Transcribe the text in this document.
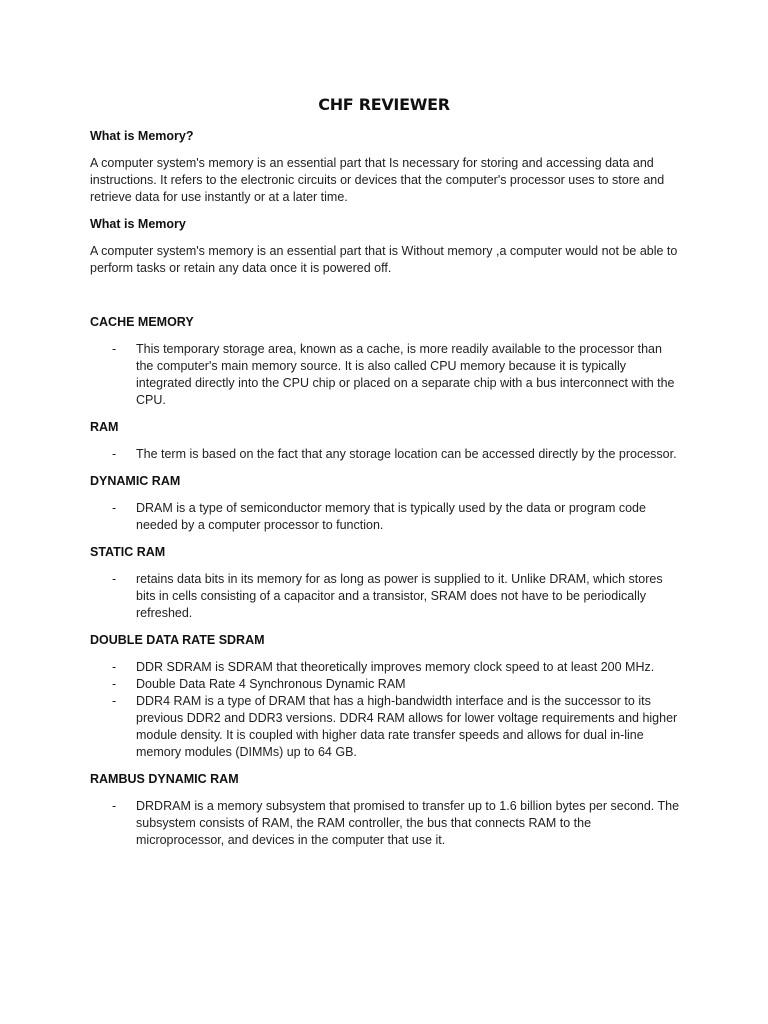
CHF REVIEWER

What is Memory?

A computer system's memory is an essential part that Is necessary for storing and accessing data and instructions. It refers to the electronic circuits or devices that the computer's processor uses to store and retrieve data for use instantly or at a later time.

What is Memory

A computer system's memory is an essential part that is Without memory ,a computer would not be able to perform tasks or retain any data once it is powered off.

CACHE MEMORY

- This temporary storage area, known as a cache, is more readily available to the processor than the computer's main memory source. It is also called CPU memory because it is typically integrated directly into the CPU chip or placed on a separate chip with a bus interconnect with the CPU.

RAM

- The term is based on the fact that any storage location can be accessed directly by the processor.

DYNAMIC RAM

- DRAM is a type of semiconductor memory that is typically used by the data or program code needed by a computer processor to function.

STATIC RAM

- retains data bits in its memory for as long as power is supplied to it. Unlike DRAM, which stores bits in cells consisting of a capacitor and a transistor, SRAM does not have to be periodically refreshed.

DOUBLE DATA RATE SDRAM

- DDR SDRAM is SDRAM that theoretically improves memory clock speed to at least 200 MHz.
- Double Data Rate 4 Synchronous Dynamic RAM
- DDR4 RAM is a type of DRAM that has a high-bandwidth interface and is the successor to its previous DDR2 and DDR3 versions. DDR4 RAM allows for lower voltage requirements and higher module density. It is coupled with higher data rate transfer speeds and allows for dual in-line memory modules (DIMMs) up to 64 GB.

RAMBUS DYNAMIC RAM

- DRDRAM is a memory subsystem that promised to transfer up to 1.6 billion bytes per second. The subsystem consists of RAM, the RAM controller, the bus that connects RAM to the microprocessor, and devices in the computer that use it.
